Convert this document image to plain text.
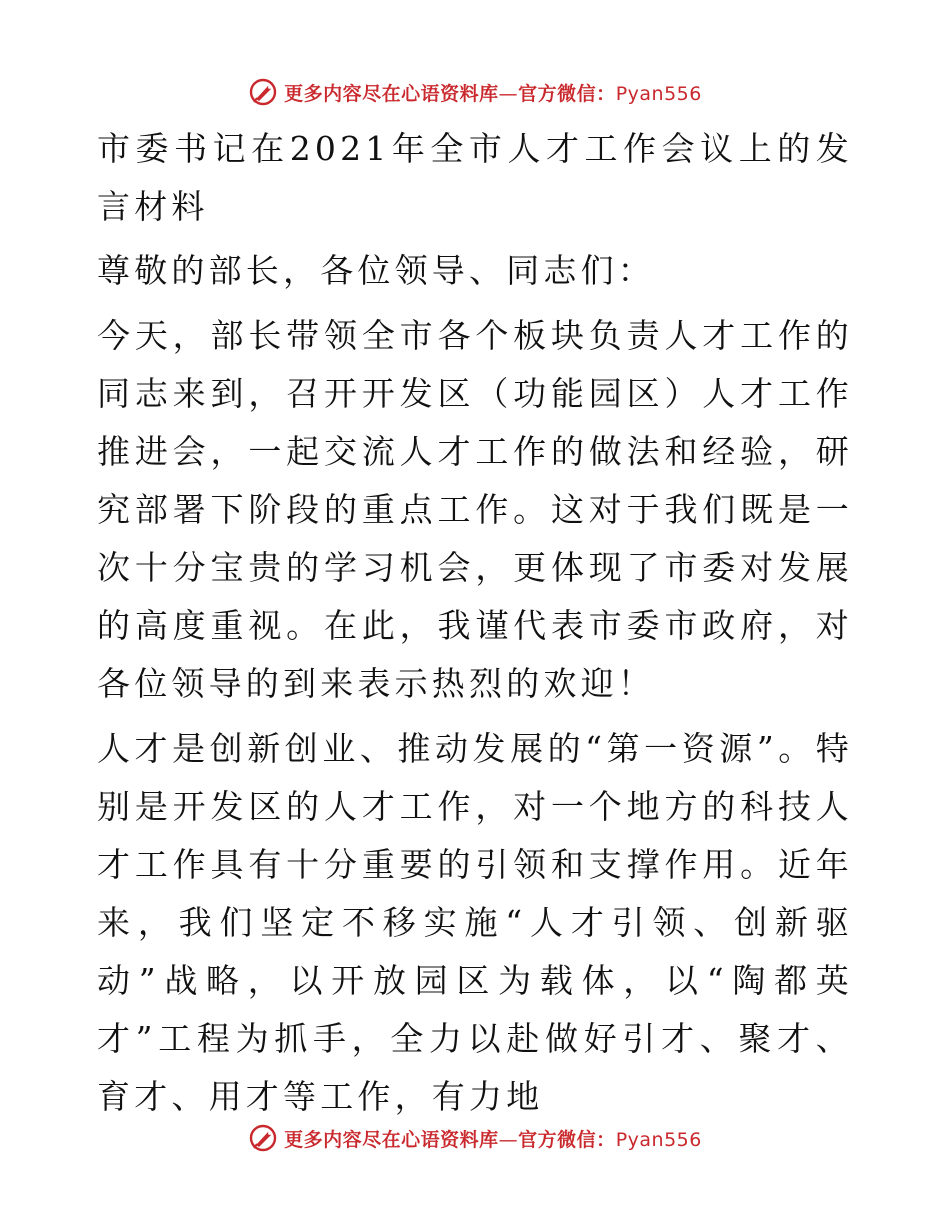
更多内容尽在心语资料库—官方微信：Pyan556

市委书记在2021年全市人才工作会议上的发言材料

尊敬的部长，各位领导、同志们：

今天，部长带领全市各个板块负责人才工作的同志来到，召开开发区（功能园区）人才工作推进会，一起交流人才工作的做法和经验，研究部署下阶段的重点工作。这对于我们既是一次十分宝贵的学习机会，更体现了市委对发展的高度重视。在此，我谨代表市委市政府，对各位领导的到来表示热烈的欢迎！

人才是创新创业、推动发展的“第一资源”。特别是开发区的人才工作，对一个地方的科技人才工作具有十分重要的引领和支撑作用。近年来，我们坚定不移实施“人才引领、创新驱动”战略，以开放园区为载体，以“陶都英才”工程为抓手，全力以赴做好引才、聚才、育才、用才等工作，有力地

更多内容尽在心语资料库—官方微信：Pyan556
